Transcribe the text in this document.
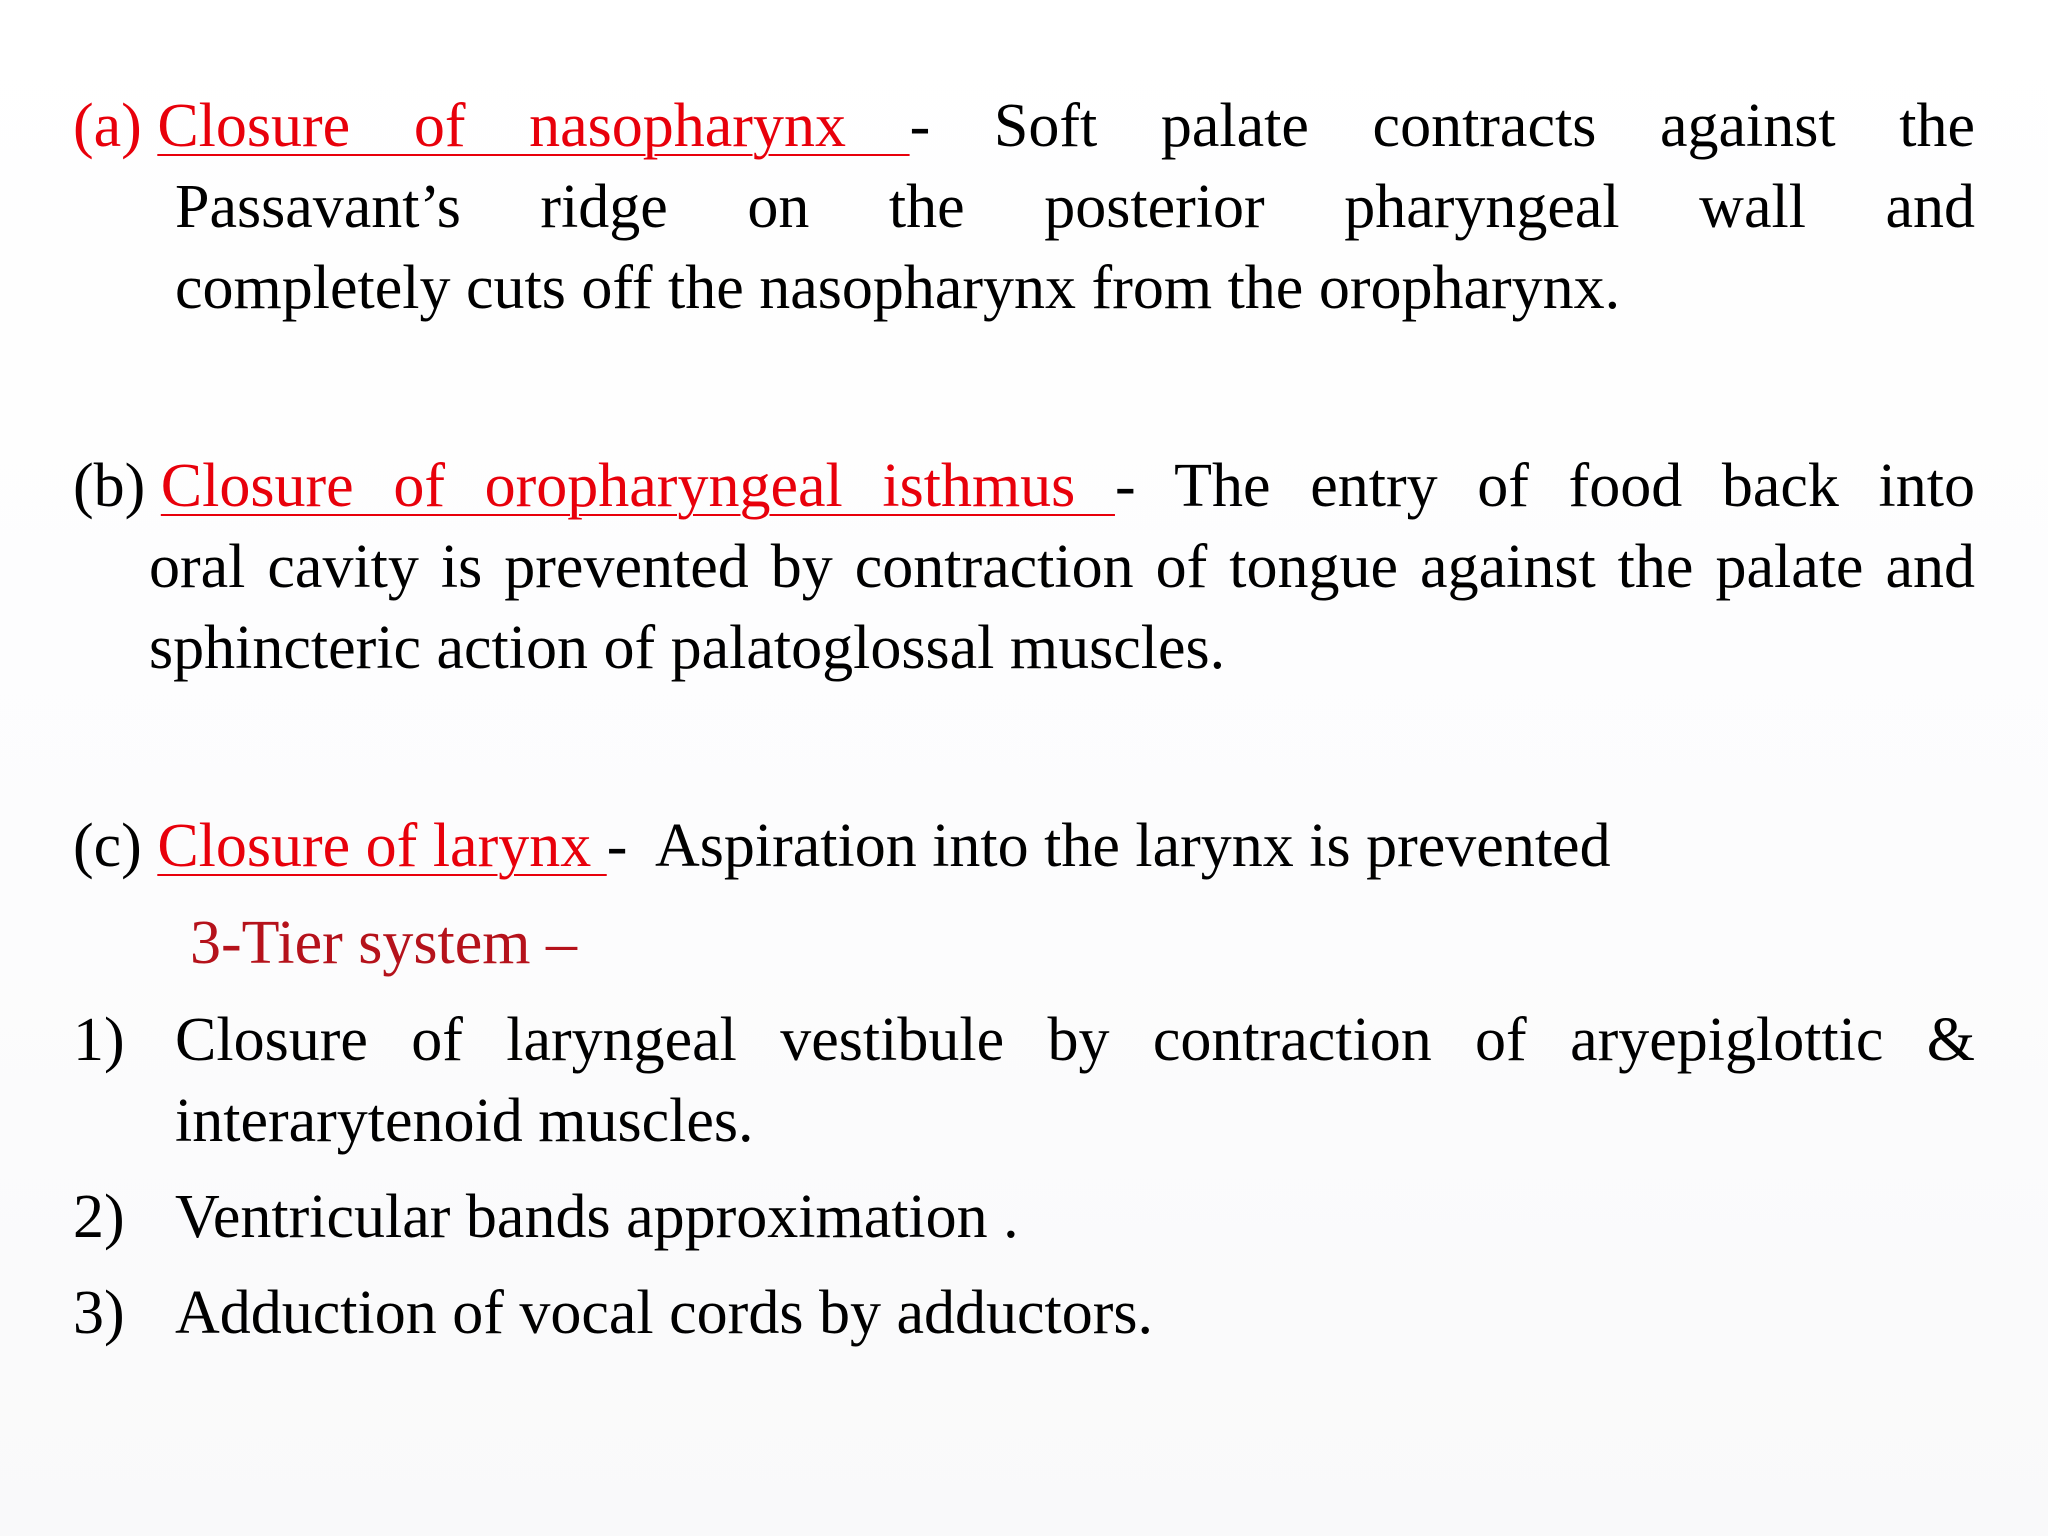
(a) Closure of nasopharynx - Soft palate contracts against the
Passavant’s ridge on the posterior pharyngeal wall and
completely cuts off the nasopharynx from the oropharynx.
(b) Closure of oropharyngeal isthmus - The entry of food back into
oral cavity is prevented by contraction of tongue against the palate and sphincteric action of palatoglossal muscles.
(c) Closure of larynx -  Aspiration into the larynx is prevented
3-Tier system –
1) Closure of laryngeal vestibule by contraction of aryepiglottic & interarytenoid muscles.
2) Ventricular bands approximation .
3) Adduction of vocal cords by adductors.
